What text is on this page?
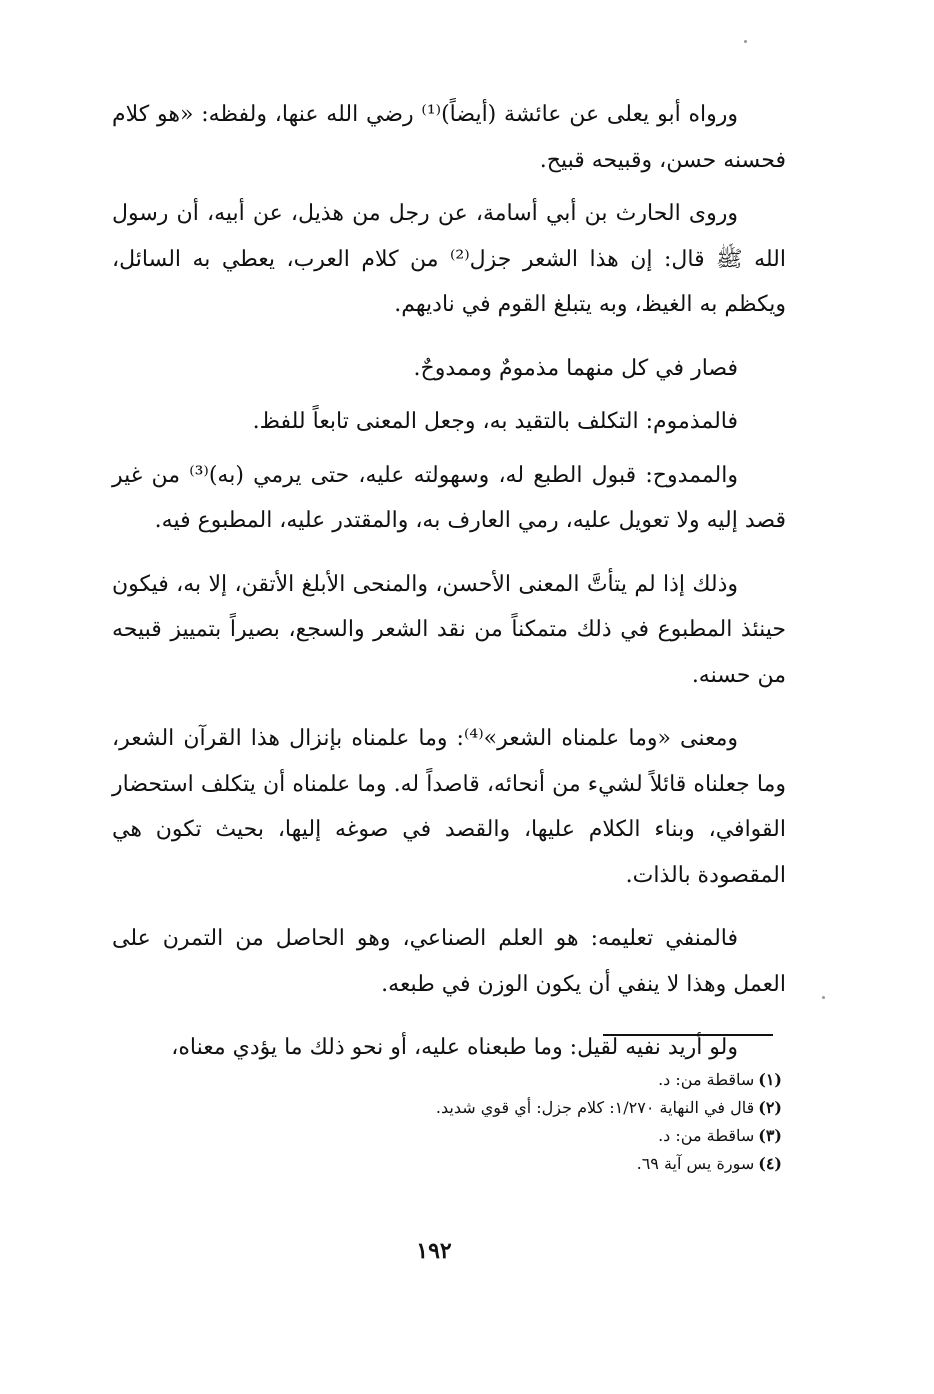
ورواه أبو يعلى عن عائشة (أيضاً)⁽¹⁾ رضي الله عنها، ولفظه: «هو كلام فحسنه حسن، وقبيحه قبيح.

وروى الحارث بن أبي أسامة، عن رجل من هذيل، عن أبيه، أن رسول الله ﷺ قال: إن هذا الشعر جزل⁽²⁾ من كلام العرب، يعطي به السائل، ويكظم به الغيظ، وبه يتبلغ القوم في ناديهم.

فصار في كل منهما مذمومٌ وممدوحٌ.

فالمذموم: التكلف بالتقيد به، وجعل المعنى تابعاً للفظ.

والممدوح: قبول الطبع له، وسهولته عليه، حتى يرمي (به)⁽³⁾ من غير قصد إليه ولا تعويل عليه، رمي العارف به، والمقتدر عليه، المطبوع فيه.

وذلك إذا لم يتأتَّ المعنى الأحسن، والمنحى الأبلغ الأتقن، إلا به، فيكون حينئذ المطبوع في ذلك متمكناً من نقد الشعر والسجع، بصيراً بتمييز قبيحه من حسنه.

ومعنى «وما علمناه الشعر»⁽⁴⁾: وما علمناه بإنزال هذا القرآن الشعر، وما جعلناه قائلاً لشيء من أنحائه، قاصداً له. وما علمناه أن يتكلف استحضار القوافي، وبناء الكلام عليها، والقصد في صوغه إليها، بحيث تكون هي المقصودة بالذات.

فالمنفي تعليمه: هو العلم الصناعي، وهو الحاصل من التمرن على العمل وهذا لا ينفي أن يكون الوزن في طبعه.

ولو أريد نفيه لقيل: وما طبعناه عليه، أو نحو ذلك ما يؤدي معناه،

(١)ساقطة من: د.

(٢)قال في النهاية ١/٢٧٠: كلام جزل: أي قوي شديد.

(٣)ساقطة من: د.

(٤)سورة يس آية ٦٩.

١٩٢
